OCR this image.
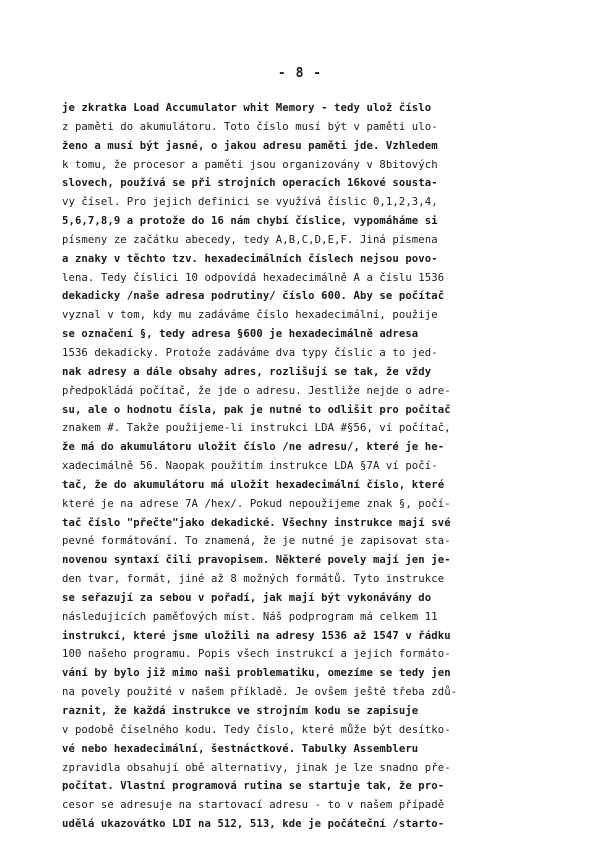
- 8 -
je zkratka Load Accumulator whit Memory - tedy ulož číslo
z paměti do akumulátoru. Toto číslo musí být v paměti ulo-
ženo a musí být jasné, o jakou adresu paměti jde. Vzhledem
k tomu, že procesor a paměti jsou organizovány v 8bitových
slovech, používá se při strojních operacích 16kové sousta-
vy čísel. Pro jejich definici se využívá číslic 0,1,2,3,4,
5,6,7,8,9 a protože do 16 nám chybí číslice, vypomáháme si
písmeny ze začátku abecedy, tedy A,B,C,D,E,F. Jiná písmena
a znaky v těchto tzv. hexadecimálních číslech nejsou povo-
lena. Tedy číslici 10 odpovídá hexadecimálně A a číslu 1536
dekadicky /naše adresa podrutiny/ číslo 600. Aby se počítač
vyznal v tom, kdy mu zadáváme číslo hexadecimální, použije
se označení §, tedy adresa §600 je hexadecimálně adresa
1536 dekadicky. Protože zadáváme dva typy číslic a to jed-
nak adresy a dále obsahy adres, rozlišují se tak, že vždy
předpokládá počítač, že jde o adresu. Jestliže nejde o adre-
su, ale o hodnotu čísla, pak je nutné to odlišit pro počítač
znakem #. Takže použijeme-li instrukci LDA #§56, ví počítač,
že má do akumulátoru uložit číslo /ne adresu/, které je he-
xadecimálně 56. Naopak použitím instrukce LDA §7A ví počí-
tač, že do akumulátoru má uložit hexadecimální číslo, které
které je na adrese 7A /hex/. Pokud nepoužijeme znak §, počí-
tač číslo "přečte"jako dekadické. Všechny instrukce mají své
pevné formátování. To znamená, že je nutné je zapisovat sta-
novenou syntaxí čili pravopisem. Některé povely mají jen je-
den tvar, formát, jiné až 8 možných formátů. Tyto instrukce
se seřazují za sebou v pořadí, jak mají být vykonávány do
následujících paměťových míst. Náš podprogram má celkem 11
instrukcí, které jsme uložili na adresy 1536 až 1547 v řádku
100 našeho programu. Popis všech instrukcí a jejich formáto-
vání by bylo již mimo naši problematiku, omezíme se tedy jen
na povely použité v našem příkladě. Je ovšem ještě třeba zdů-
raznit, že každá instrukce ve strojním kodu se zapisuje
v podobě číselného kodu. Tedy číslo, které může být desítko-
vé nebo hexadecimální, šestnáctkové. Tabulky Assembleru
zpravidla obsahují obě alternativy, jinak je lze snadno pře-
počítat. Vlastní programová rutina se startuje tak, že pro-
cesor se adresuje na startovací adresu - to v našem případě
udělá ukazovátko LDI na 512, 513, kde je počáteční /starto-
